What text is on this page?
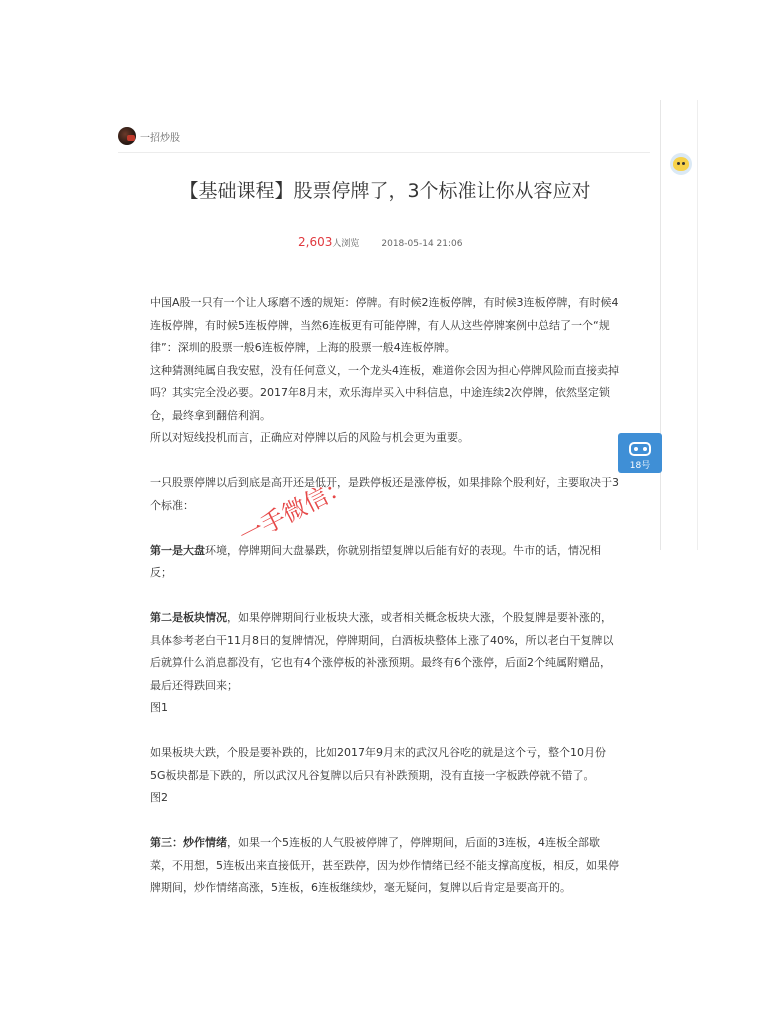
一招炒股
【基础课程】股票停牌了，3个标准让你从容应对
2,603 人浏览 2018-05-14 21:06

中国A股一只有一个让人琢磨不透的规矩：停牌。有时候2连板停牌，有时候3连板停牌，有时候4连板停牌，有时候5连板停牌，当然6连板更有可能停牌，有人从这些停牌案例中总结了一个“规律”：深圳的股票一般6连板停牌，上海的股票一般4连板停牌。

这种猜测纯属自我安慰，没有任何意义，一个龙头4连板，难道你会因为担心停牌风险而直接卖掉吗？其实完全没必要。2017年8月末，欢乐海岸买入中科信息，中途连续2次停牌，依然坚定锁仓，最终拿到翻倍利润。

所以对短线投机而言，正确应对停牌以后的风险与机会更为重要。

一只股票停牌以后到底是高开还是低开，是跌停板还是涨停板，如果排除个股利好，主要取决于3个标准：

第一是大盘环境，停牌期间大盘暴跌，你就别指望复牌以后能有好的表现。牛市的话，情况相反；

第二是板块情况，如果停牌期间行业板块大涨，或者相关概念板块大涨，个股复牌是要补涨的，具体参考老白干11月8日的复牌情况，停牌期间，白酒板块整体上涨了40%，所以老白干复牌以后就算什么消息都没有，它也有4个涨停板的补涨预期。最终有6个涨停，后面2个纯属附赠品，最后还得跌回来；

图1

如果板块大跌，个股是要补跌的，比如2017年9月末的武汉凡谷吃的就是这个亏，整个10月份5G板块都是下跌的，所以武汉凡谷复牌以后只有补跌预期，没有直接一字板跌停就不错了。

图2

第三：炒作情绪，如果一个5连板的人气股被停牌了，停牌期间，后面的3连板，4连板全部歇菜，不用想，5连板出来直接低开，甚至跌停，因为炒作情绪已经不能支撑高度板，相反，如果停牌期间，炒作情绪高涨，5连板，6连板继续炒，毫无疑问，复牌以后肯定是要高开的。

18号
一手微信：
